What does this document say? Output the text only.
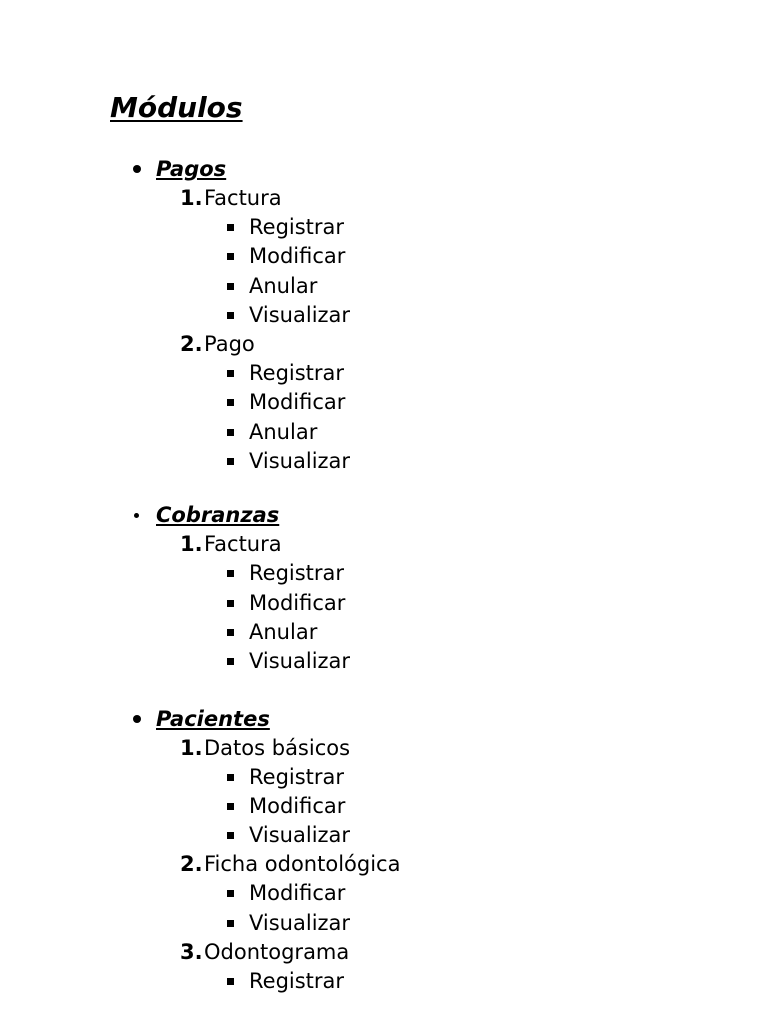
Módulos
Pagos
1. Factura
Registrar
Modificar
Anular
Visualizar
2. Pago
Registrar
Modificar
Anular
Visualizar
Cobranzas
1. Factura
Registrar
Modificar
Anular
Visualizar
Pacientes
1. Datos básicos
Registrar
Modificar
Visualizar
2. Ficha odontológica
Modificar
Visualizar
3. Odontograma
Registrar
